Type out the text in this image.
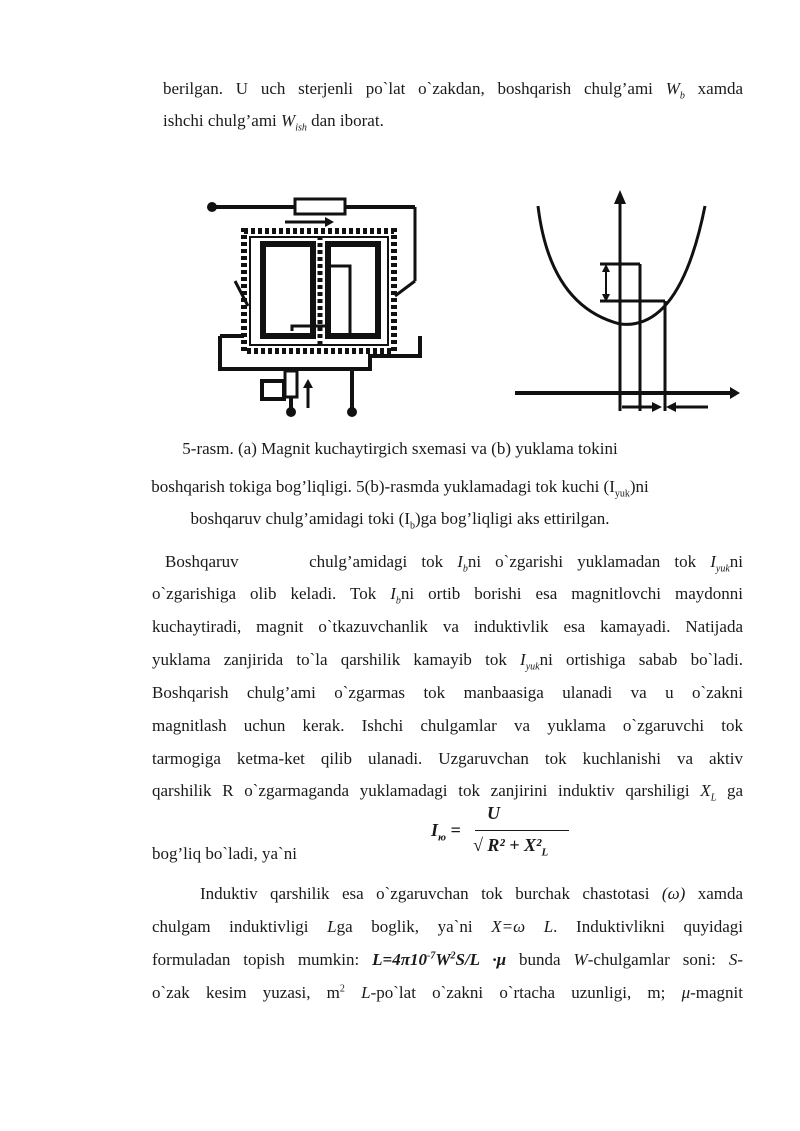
berilgan. U uch sterjenli po`lat o`zakdan, boshqarish chulg’ami $W_b$ xamda
ishchi chulg’ami $W_{ish}$ dan iborat.
5-rasm. (a) Magnit kuchaytirgich sxemasi va (b) yuklama tokini
boshqarish tokiga bog’liqligi. 5(b)-rasmda yuklamadagi tok kuchi $(I_{yuk})ni$
boshqaruv chulg’amidagi toki $(I_b)ga$ bog’liqligi aks ettirilgan.
Boshqaruv	chulg’amidagi tok $I_bni$ o`zgarishi yuklamadan tok $I_{yuk}ni$
o`zgarishiga olib keladi. Tok $I_bni$ ortib borishi esa magnitlovchi maydonni
kuchaytiradi, magnit o`tkazuvchanlik va induktivlik esa kamayadi. Natijada
yuklama zanjirida to`la qarshilik kamayib tok $I_{yuk}ni$ ortishiga sabab bo`ladi.
Boshqarish chulg’ami o`zgarmas tok manbaasiga ulanadi va u o`zakni
magnitlash uchun kerak. Ishchi chulgamlar va yuklama o`zgaruvchi tok
tarmogiga ketma-ket qilib ulanadi. Uzgaruvchan tok kuchlanishi va aktiv
qarshilik R o`zgarmaganda yuklamadagi tok zanjirini induktiv qarshiligi $X_L$ ga
bog’liq bo`ladi, ya`ni
U
$I_ю$ =
√ $R^2 + X^2_L$
Induktiv qarshilik esa o`zgaruvchan tok burchak chastotasi (ω) xamda
chulgam induktivligi Lga boglik, ya`ni X=ω L. Induktivlikni quyidagi
formuladan topish mumkin: $L=4\pi 10^{-7}W^2S/L \cdot\mu$ bunda W-chulgamlar soni: S-
o`zak kesim yuzasi, $m^2$ L-po`lat o`zakni o`rtacha uzunligi, m; μ-magnit
